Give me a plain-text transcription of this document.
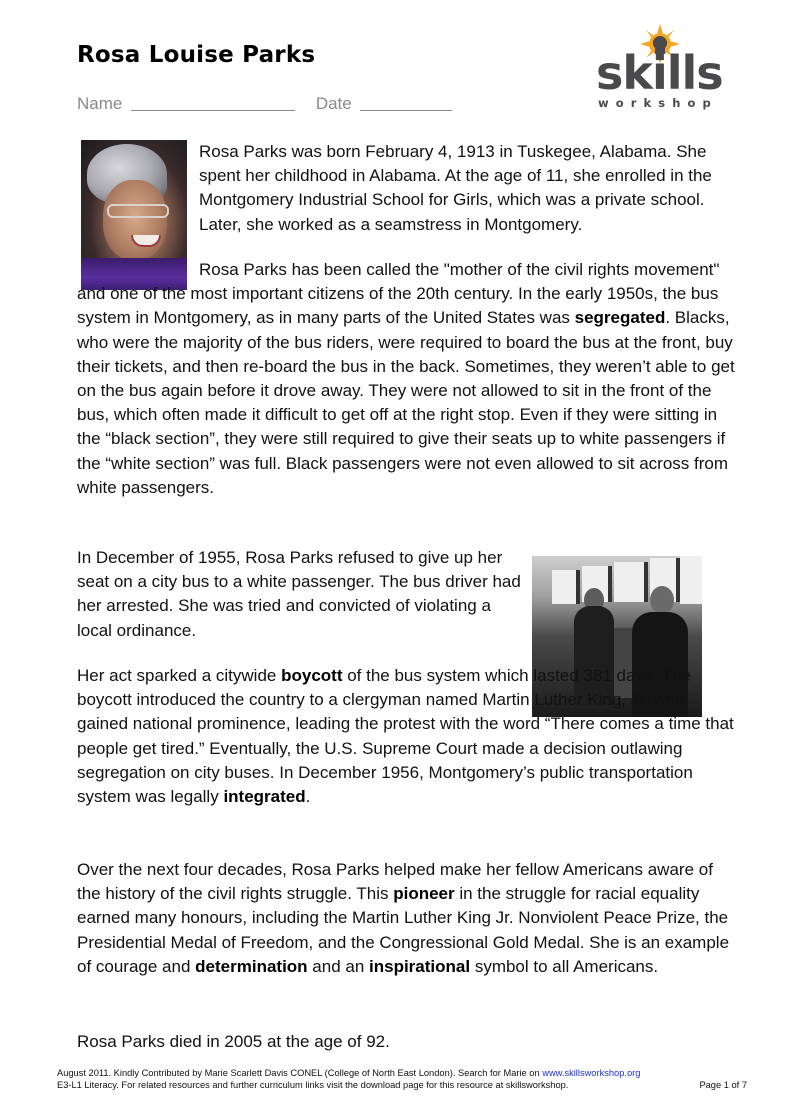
Rosa Louise Parks
Name	Date
skills
workshop

Rosa Parks was born February 4, 1913 in Tuskegee, Alabama. She spent her childhood in Alabama. At the age of 11, she enrolled in the Montgomery Industrial School for Girls, which was a private school. Later, she worked as a seamstress in Montgomery.

Rosa Parks has been called the "mother of the civil rights movement" and one of the most important citizens of the 20th century. In the early 1950s, the bus system in Montgomery, as in many parts of the United States was segregated. Blacks, who were the majority of the bus riders, were required to board the bus at the front, buy their tickets, and then re-board the bus in the back. Sometimes, they weren’t able to get on the bus again before it drove away. They were not allowed to sit in the front of the bus, which often made it difficult to get off at the right stop. Even if they were sitting in the “black section”, they were still required to give their seats up to white passengers if the “white section” was full. Black passengers were not even allowed to sit across from white passengers.

In December of 1955, Rosa Parks refused to give up her seat on a city bus to a white passenger. The bus driver had her arrested. She was tried and convicted of violating a local ordinance.

Her act sparked a citywide boycott of the bus system which lasted 381 days. The boycott introduced the country to a clergyman named Martin Luther King, Jr. who gained national prominence, leading the protest with the word “There comes a time that people get tired.” Eventually, the U.S. Supreme Court made a decision outlawing segregation on city buses. In December 1956, Montgomery’s public transportation system was legally integrated.

Over the next four decades, Rosa Parks helped make her fellow Americans aware of the history of the civil rights struggle. This pioneer in the struggle for racial equality earned many honours, including the Martin Luther King Jr. Nonviolent Peace Prize, the Presidential Medal of Freedom, and the Congressional Gold Medal. She is an example of courage and determination and an inspirational symbol to all Americans.

Rosa Parks died in 2005 at the age of 92.

August 2011. Kindly Contributed by Marie Scarlett Davis CONEL (College of North East London). Search for Marie on www.skillsworkshop.org
E3-L1 Literacy. For related resources and further curriculum links visit the download page for this resource at skillsworkshop.	Page 1 of 7
